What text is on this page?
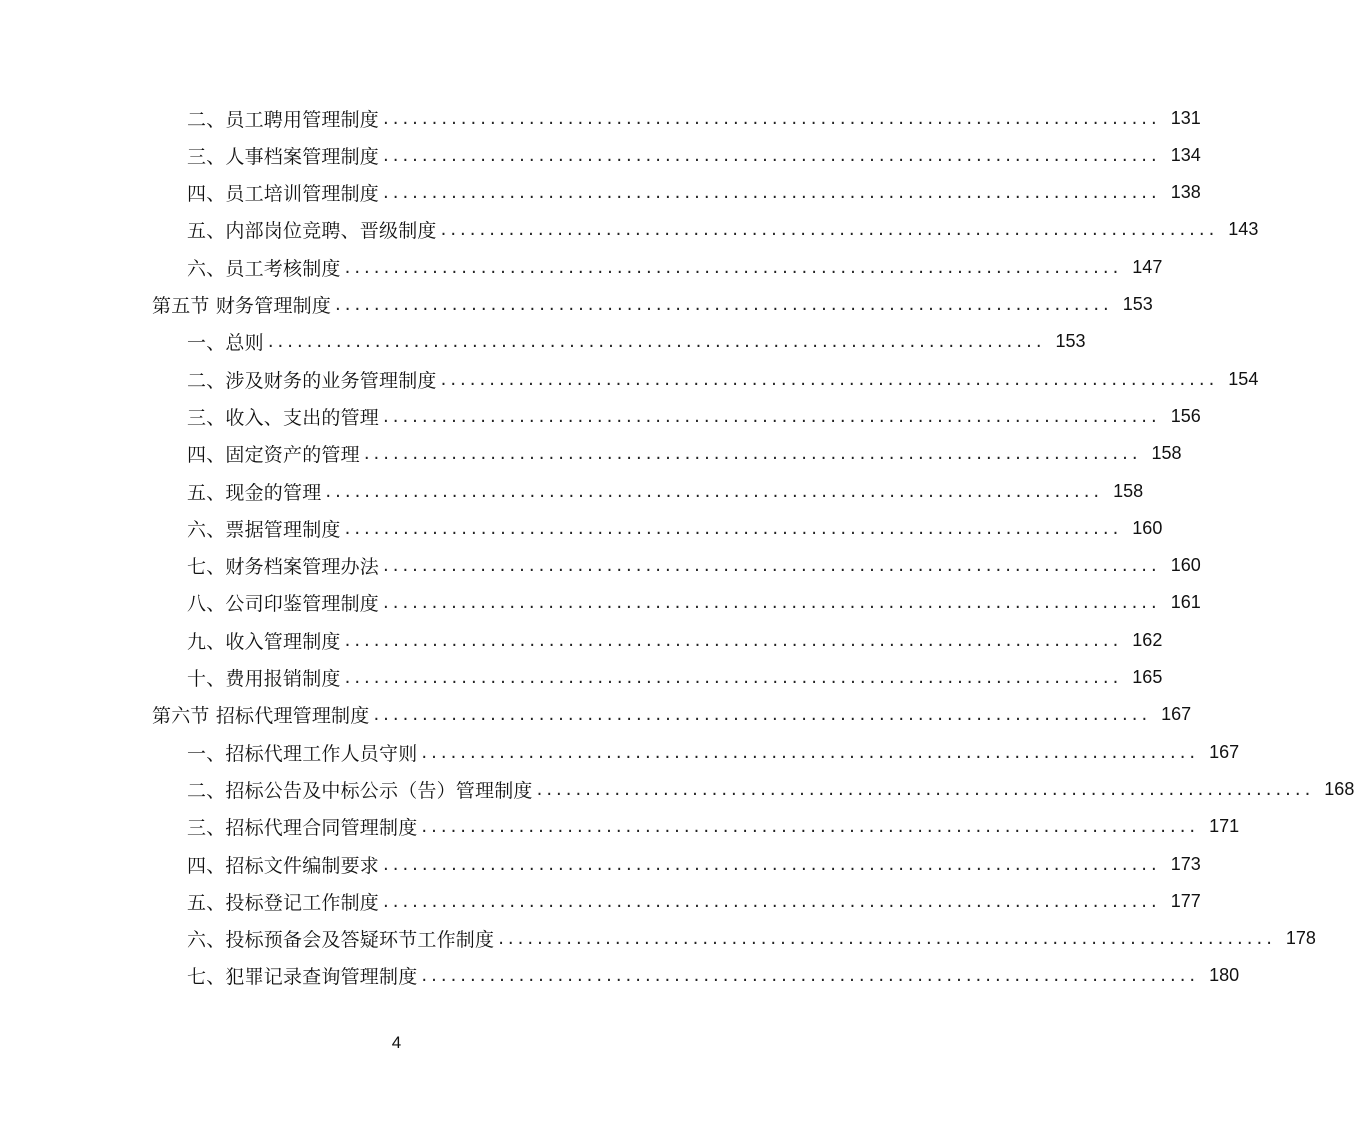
二、员工聘用管理制度 ................................................................................ 131
三、人事档案管理制度 ................................................................................ 134
四、员工培训管理制度 ................................................................................ 138
五、内部岗位竞聘、晋级制度 ................................................................................ 143
六、员工考核制度 ................................................................................ 147
第五节 财务管理制度 ................................................................................ 153
一、总则 ................................................................................ 153
二、涉及财务的业务管理制度 ................................................................................ 154
三、收入、支出的管理 ................................................................................ 156
四、固定资产的管理 ................................................................................ 158
五、现金的管理 ................................................................................ 158
六、票据管理制度 ................................................................................ 160
七、财务档案管理办法 ................................................................................ 160
八、公司印鉴管理制度 ................................................................................ 161
九、收入管理制度 ................................................................................ 162
十、费用报销制度 ................................................................................ 165
第六节 招标代理管理制度 ................................................................................ 167
一、招标代理工作人员守则 ................................................................................ 167
二、招标公告及中标公示（告）管理制度 ................................................................................ 168
三、招标代理合同管理制度 ................................................................................ 171
四、招标文件编制要求 ................................................................................ 173
五、投标登记工作制度 ................................................................................ 177
六、投标预备会及答疑环节工作制度 ................................................................................ 178
七、犯罪记录查询管理制度 ................................................................................ 180
4
